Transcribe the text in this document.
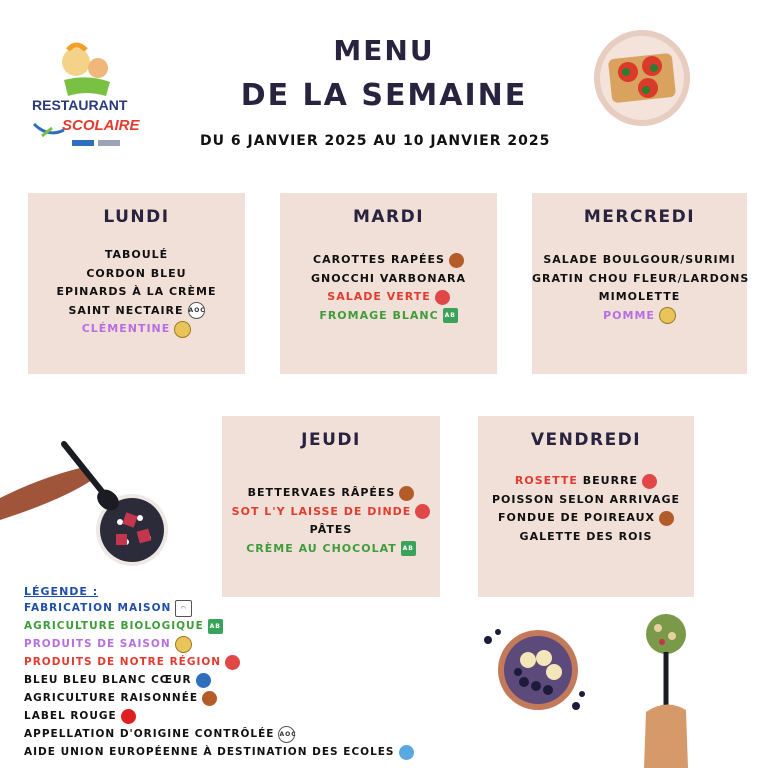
RESTAURANT
SCOLAIRE
MENU
DE LA SEMAINE
DU 6 JANVIER 2025 AU 10 JANVIER 2025
LUNDI
TABOULÉ
CORDON BLEU
EPINARDS À LA CRÈME
SAINT NECTAIRE AOC
CLÉMENTINE
MARDI
CAROTTES RAPÉES
GNOCCHI VARBONARA
SALADE VERTE
FROMAGE BLANC AB
MERCREDI
SALADE BOULGOUR/SURIMI
GRATIN CHOU FLEUR/LARDONS
MIMOLETTE
POMME
JEUDI
BETTERVAES RÂPÉES
SOT L'Y LAISSE DE DINDE
PÂTES
CRÈME AU CHOCOLAT AB
VENDREDI
ROSETTE BEURRE
POISSON SELON ARRIVAGE
FONDUE DE POIREAUX
GALETTE DES ROIS
LÉGENDE :
FABRICATION MAISON ◠
AGRICULTURE BIOLOGIQUE AB
PRODUITS DE SAISON
PRODUITS DE NOTRE RÉGION
BLEU BLEU BLANC CŒUR
AGRICULTURE RAISONNÉE
LABEL ROUGE
APPELLATION D'ORIGINE CONTRÔLÉE AOC
AIDE UNION EUROPÉENNE À DESTINATION DES ECOLES
